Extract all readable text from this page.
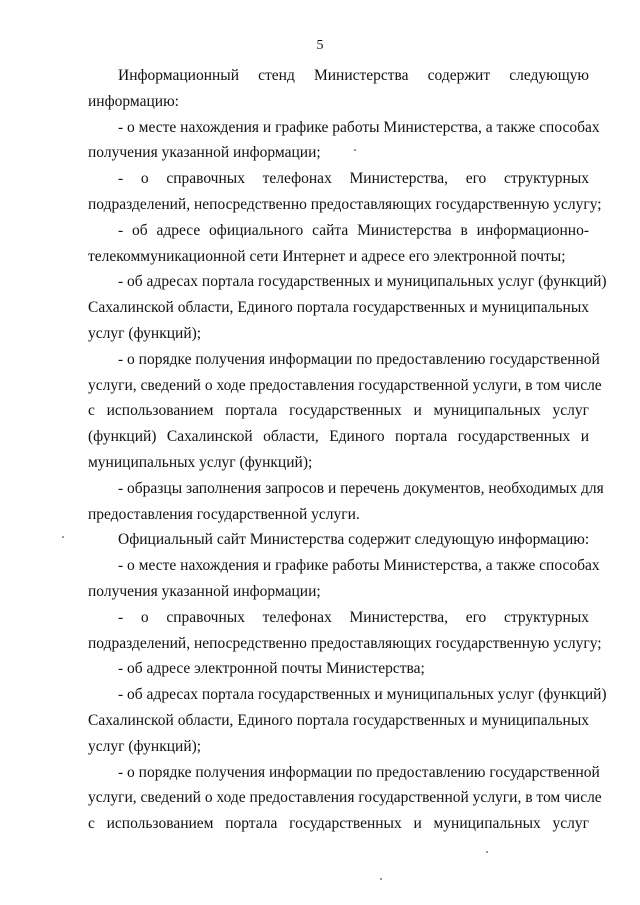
5
Информационный стенд Министерства содержит следующую
информацию:
- о месте нахождения и графике работы Министерства, а также способах
получения указанной информации;
- о справочных телефонах Министерства, его структурных
подразделений, непосредственно предоставляющих государственную услугу;
- об адресе официального сайта Министерства в информационно-
телекоммуникационной сети Интернет и адресе его электронной почты;
- об адресах портала государственных и муниципальных услуг (функций)
Сахалинской области, Единого портала государственных и муниципальных
услуг (функций);
- о порядке получения информации по предоставлению государственной
услуги, сведений о ходе предоставления государственной услуги, в том числе
с использованием портала государственных и муниципальных услуг
(функций) Сахалинской области, Единого портала государственных и
муниципальных услуг (функций);
- образцы заполнения запросов и перечень документов, необходимых для
предоставления государственной услуги.
Официальный сайт Министерства содержит следующую информацию:
- о месте нахождения и графике работы Министерства, а также способах
получения указанной информации;
- о справочных телефонах Министерства, его структурных
подразделений, непосредственно предоставляющих государственную услугу;
- об адресе электронной почты Министерства;
- об адресах портала государственных и муниципальных услуг (функций)
Сахалинской области, Единого портала государственных и муниципальных
услуг (функций);
- о порядке получения информации по предоставлению государственной
услуги, сведений о ходе предоставления государственной услуги, в том числе
с использованием портала государственных и муниципальных услуг
